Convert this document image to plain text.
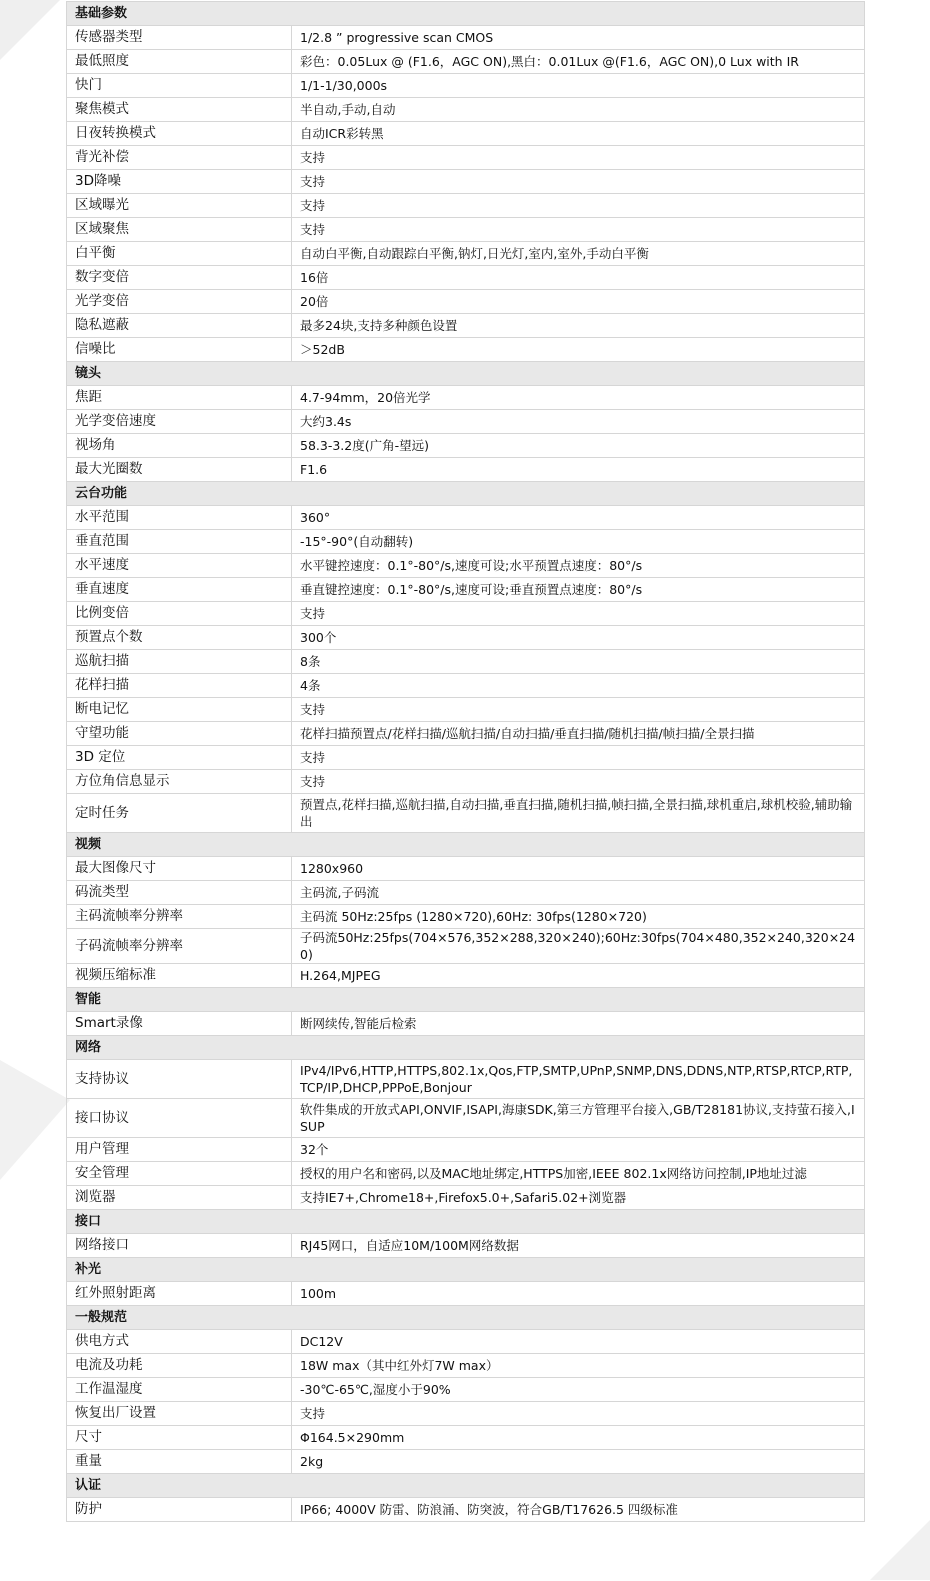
基础参数	
传感器类型	1/2.8 ” progressive scan CMOS
最低照度	彩色：0.05Lux @ (F1.6，AGC ON),黑白：0.01Lux @(F1.6，AGC ON),0 Lux with IR
快门	1/1-1/30,000s
聚焦模式	半自动,手动,自动
日夜转换模式	自动ICR彩转黑
背光补偿	支持
3D降噪	支持
区域曝光	支持
区域聚焦	支持
白平衡	自动白平衡,自动跟踪白平衡,钠灯,日光灯,室内,室外,手动白平衡
数字变倍	16倍
光学变倍	20倍
隐私遮蔽	最多24块,支持多种颜色设置
信噪比	＞52dB
镜头	
焦距	4.7-94mm，20倍光学
光学变倍速度	大约3.4s
视场角	58.3-3.2度(广角-望远)
最大光圈数	F1.6
云台功能	
水平范围	360°
垂直范围	-15°-90°(自动翻转)
水平速度	水平键控速度：0.1°-80°/s,速度可设;水平预置点速度：80°/s
垂直速度	垂直键控速度：0.1°-80°/s,速度可设;垂直预置点速度：80°/s
比例变倍	支持
预置点个数	300个
巡航扫描	8条
花样扫描	4条
断电记忆	支持
守望功能	花样扫描预置点/花样扫描/巡航扫描/自动扫描/垂直扫描/随机扫描/帧扫描/全景扫描
3D 定位	支持
方位角信息显示	支持
定时任务	预置点,花样扫描,巡航扫描,自动扫描,垂直扫描,随机扫描,帧扫描,全景扫描,球机重启,球机校验,辅助输出
视频	
最大图像尺寸	1280x960
码流类型	主码流,子码流
主码流帧率分辨率	主码流 50Hz:25fps (1280×720),60Hz: 30fps(1280×720)
子码流帧率分辨率	子码流50Hz:25fps(704×576,352×288,320×240);60Hz:30fps(704×480,352×240,320×240)
视频压缩标准	H.264,MJPEG
智能	
Smart录像	断网续传,智能后检索
网络	
支持协议	IPv4/IPv6,HTTP,HTTPS,802.1x,Qos,FTP,SMTP,UPnP,SNMP,DNS,DDNS,NTP,RTSP,RTCP,RTP,TCP/IP,DHCP,PPPoE,Bonjour
接口协议	软件集成的开放式API,ONVIF,ISAPI,海康SDK,第三方管理平台接入,GB/T28181协议,支持萤石接入,ISUP
用户管理	32个
安全管理	授权的用户名和密码,以及MAC地址绑定,HTTPS加密,IEEE 802.1x网络访问控制,IP地址过滤
浏览器	支持IE7+,Chrome18+,Firefox5.0+,Safari5.02+浏览器
接口	
网络接口	RJ45网口，自适应10M/100M网络数据
补光	
红外照射距离	100m
一般规范	
供电方式	DC12V
电流及功耗	18W max（其中红外灯7W max）
工作温湿度	-30℃-65℃,湿度小于90%
恢复出厂设置	支持
尺寸	Φ164.5×290mm
重量	2kg
认证	
防护	IP66; 4000V 防雷、防浪涌、防突波，符合GB/T17626.5 四级标准
